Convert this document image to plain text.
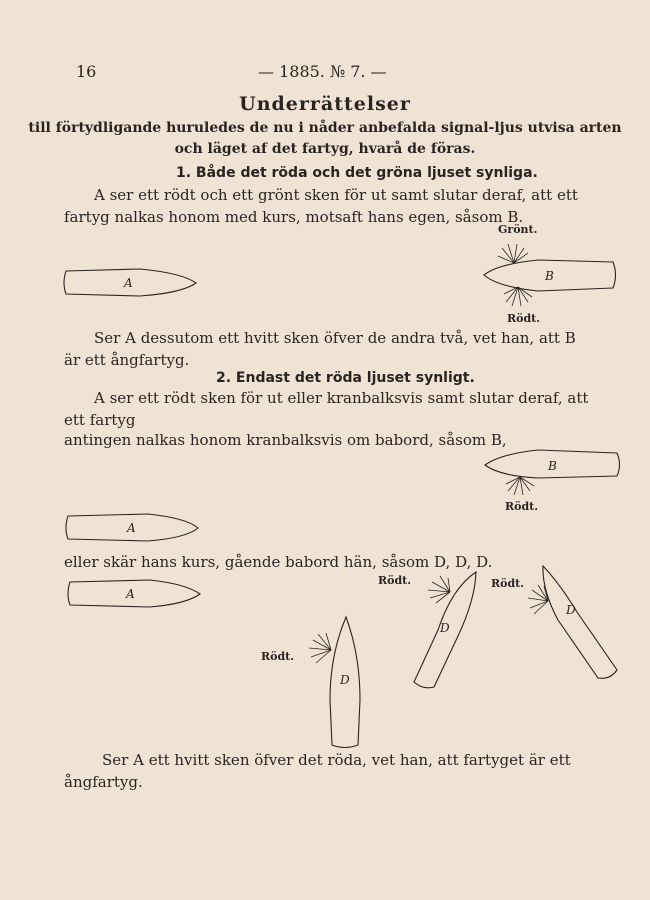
16	— 1885. № 7. —
Underrättelser
till förtydligande huruledes de nu i nåder anbefalda signal-ljus utvisa arten
och läget af det fartyg, hvarå de föras.
1. Både det röda och det gröna ljuset synliga.
A ser ett rödt och ett grönt sken för ut samt slutar deraf, att ett
fartyg nalkas honom med kurs, motsaft hans egen, såsom B.
Grönt.
Rödt.
Ser A dessutom ett hvitt sken öfver de andra två, vet han, att B
är ett ångfartyg.
2. Endast det röda ljuset synligt.
A ser ett rödt sken för ut eller kranbalksvis samt slutar deraf, att
ett fartyg
antingen nalkas honom kranbalksvis om babord, såsom B,
Rödt.
eller skär hans kurs, gående babord hän, såsom D, D, D.
Rödt.	Rödt.
Rödt.
Ser A ett hvitt sken öfver det röda, vet han, att fartyget är ett
ångfartyg.
A	B
B
A
A
D
D
D
